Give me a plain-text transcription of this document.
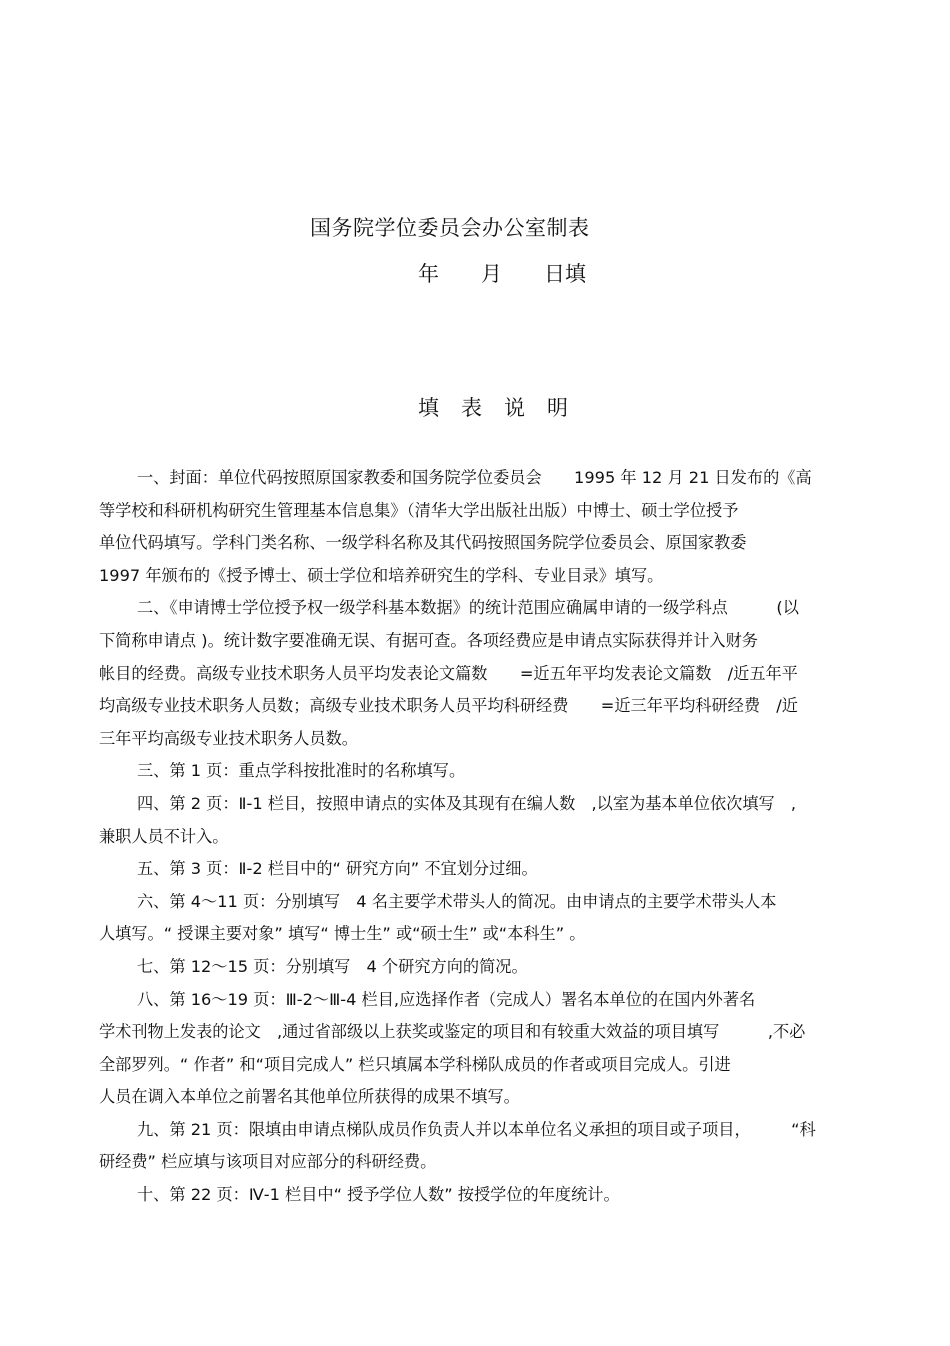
国务院学位委员会办公室制表
年 月 日填
填表说明
一、封面：单位代码按照原国家教委和国务院学位委员会　　1995 年 12 月 21 日发布的《高
等学校和科研机构研究生管理基本信息集》（清华大学出版社出版）中博士、硕士学位授予
单位代码填写。学科门类名称、一级学科名称及其代码按照国务院学位委员会、原国家教委
1997 年颁布的《授予博士、硕士学位和培养研究生的学科、专业目录》填写。
二、《申请博士学位授予权一级学科基本数据》的统计范围应确属申请的一级学科点　　　(以
下简称申请点 )。统计数字要准确无误、有据可查。各项经费应是申请点实际获得并计入财务
帐目的经费。高级专业技术职务人员平均发表论文篇数　　=近五年平均发表论文篇数　/近五年平
均高级专业技术职务人员数；高级专业技术职务人员平均科研经费　　=近三年平均科研经费　/近
三年平均高级专业技术职务人员数。
三、第 1 页：重点学科按批准时的名称填写。
四、第 2 页：Ⅱ-1 栏目，按照申请点的实体及其现有在编人数　,以室为基本单位依次填写　,
兼职人员不计入。
五、第 3 页：Ⅱ-2 栏目中的“ 研究方向” 不宜划分过细。
六、第 4～11 页：分别填写　4 名主要学术带头人的简况。由申请点的主要学术带头人本
人填写。“ 授课主要对象” 填写“ 博士生” 或“硕士生” 或“本科生” 。
七、第 12～15 页：分别填写　4 个研究方向的简况。
八、第 16～19 页：Ⅲ-2～Ⅲ-4 栏目,应选择作者（完成人）署名本单位的在国内外著名
学术刊物上发表的论文　,通过省部级以上获奖或鉴定的项目和有较重大效益的项目填写　　　,不必
全部罗列。“ 作者” 和“项目完成人” 栏只填属本学科梯队成员的作者或项目完成人。引进
人员在调入本单位之前署名其他单位所获得的成果不填写。
九、第 21 页：限填由申请点梯队成员作负责人并以本单位名义承担的项目或子项目，　　　“科
研经费” 栏应填与该项目对应部分的科研经费。
十、第 22 页：Ⅳ-1 栏目中“ 授予学位人数” 按授学位的年度统计。
